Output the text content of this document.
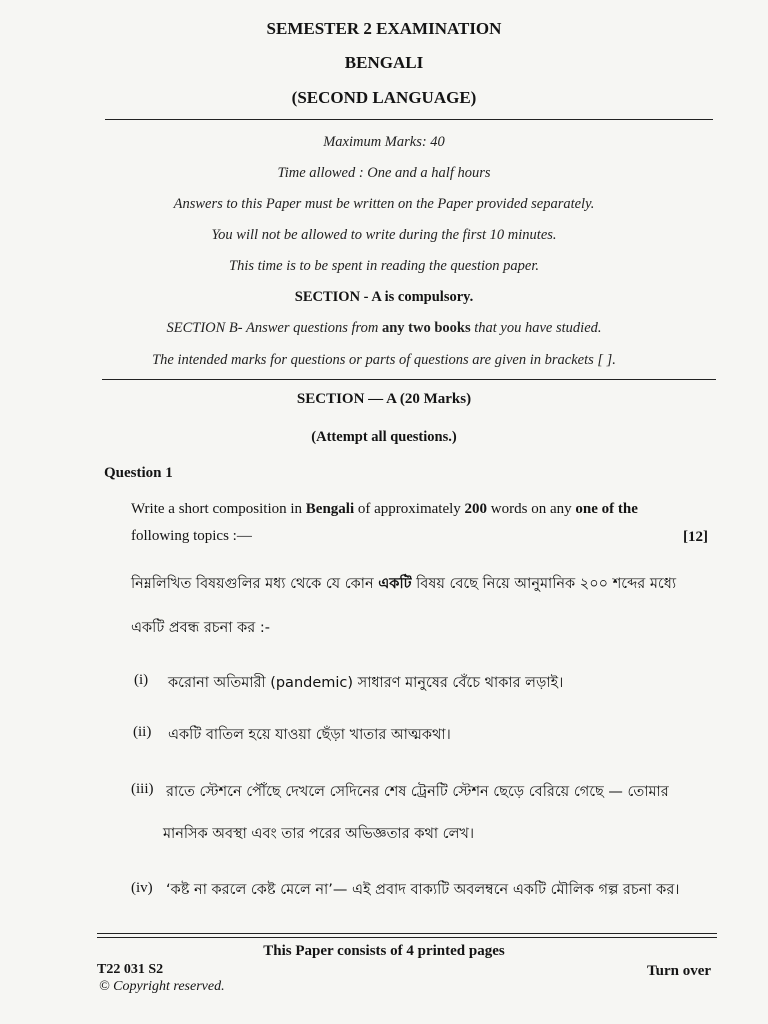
SEMESTER 2 EXAMINATION
BENGALI
(SECOND LANGUAGE)
Maximum Marks: 40
Time allowed : One and a half hours
Answers to this Paper must be written on the Paper provided separately.
You will not be allowed to write during the first 10 minutes.
This time is to be spent in reading the question paper.
SECTION - A is compulsory.
SECTION B- Answer questions from any two books that you have studied.
The intended marks for questions or parts of questions are given in brackets [ ].
SECTION — A (20 Marks)
(Attempt all questions.)
Question 1
Write a short composition in Bengali of approximately 200 words on any one of the
following topics :—	[12]
নিম্নলিখিত বিষয়গুলির মধ্য থেকে যে কোন একটি বিষয় বেছে নিয়ে আনুমানিক ২০০ শব্দের মধ্যে
একটি প্রবন্ধ রচনা কর :-
(i) করোনা অতিমারী (pandemic) সাধারণ মানুষের বেঁচে থাকার লড়াই।
(ii) একটি বাতিল হয়ে যাওয়া ছেঁড়া খাতার আত্মকথা।
(iii) রাতে স্টেশনে পৌঁছে দেখলে সেদিনের শেষ ট্রেনটি স্টেশন ছেড়ে বেরিয়ে গেছে — তোমার
মানসিক অবস্থা এবং তার পরের অভিজ্ঞতার কথা লেখ।
(iv) ‘কষ্ট না করলে কেষ্ট মেলে না’— এই প্রবাদ বাক্যটি অবলম্বনে একটি মৌলিক গল্প রচনা কর।
This Paper consists of 4 printed pages
T22 031 S2
© Copyright reserved.
Turn over
